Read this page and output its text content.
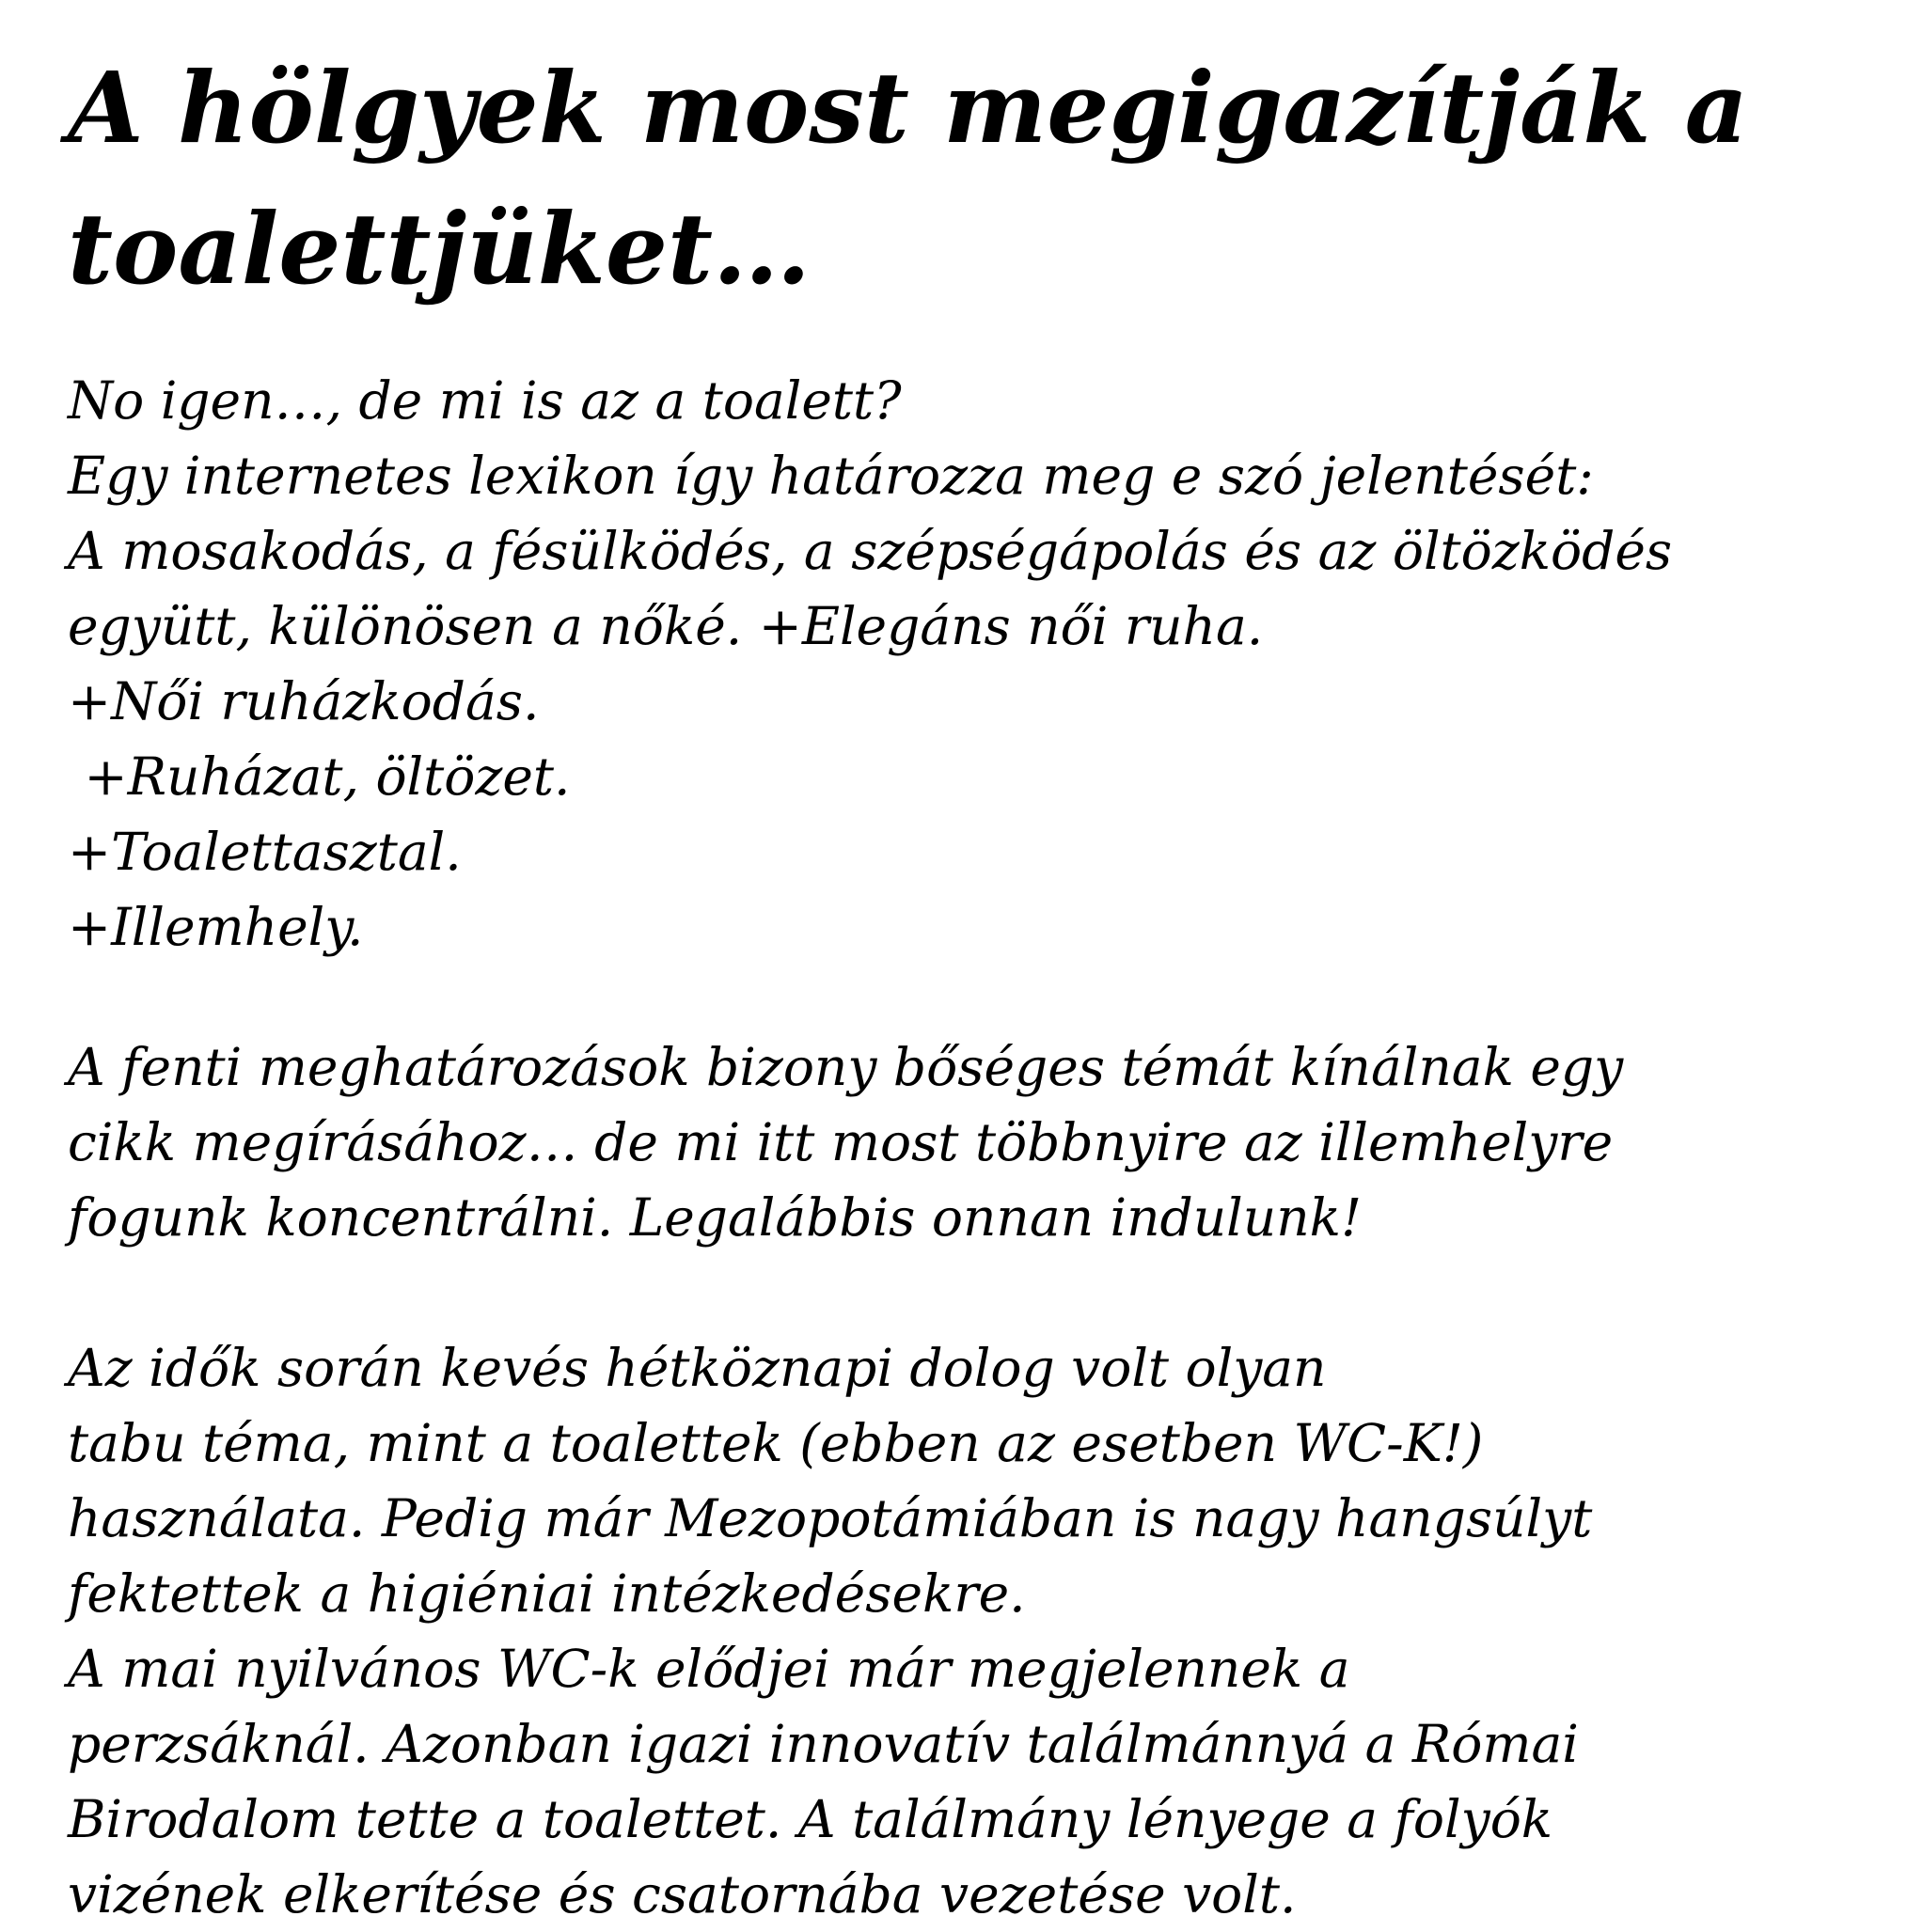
A hölgyek most megigazítják a
toalettjüket…

No igen…, de mi is az a toalett?
Egy internetes lexikon így határozza meg e szó jelentését:
A mosakodás, a fésülködés, a szépségápolás és az öltözködés
együtt, különösen a nőké. +Elegáns női ruha.
+Női ruházkodás.
+Ruházat, öltözet.
+Toalettasztal.
+Illemhely.

A fenti meghatározások bizony bőséges témát kínálnak egy
cikk megírásához… de mi itt most többnyire az illemhelyre
fogunk koncentrálni. Legalábbis onnan indulunk!

Az idők során kevés hétköznapi dolog volt olyan
tabu téma, mint a toalettek (ebben az esetben WC-K!)
használata. Pedig már Mezopotámiában is nagy hangsúlyt
fektettek a higiéniai intézkedésekre.
A mai nyilvános WC-k elődjei már megjelennek a
perzsáknál. Azonban igazi innovatív találmánnyá a Római
Birodalom tette a toalettet. A találmány lényege a folyók
vizének elkerítése és csatornába vezetése volt.
